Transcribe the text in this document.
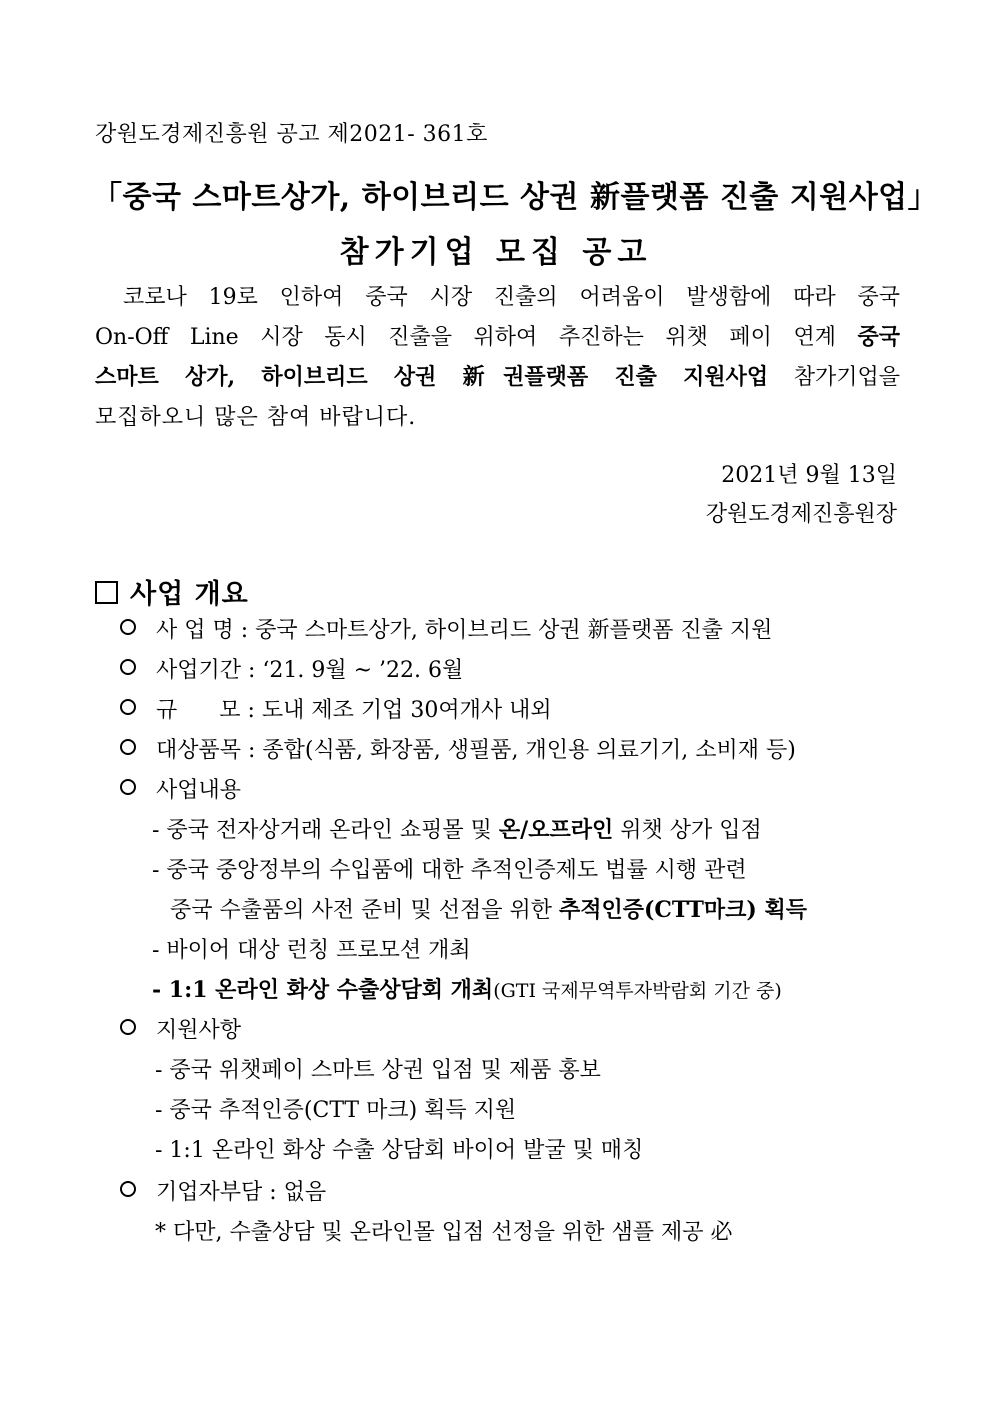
강원도경제진흥원 공고 제2021- 361호
「중국 스마트상가, 하이브리드 상권 新플랫폼 진출 지원사업」
참가기업 모집 공고
코로나 19로 인하여 중국 시장 진출의 어려움이 발생함에 따라 중국
On-Off Line 시장 동시 진출을 위하여 추진하는 위챗 페이 연계 중국
스마트 상가, 하이브리드 상권 新권플랫폼 진출 지원사업 참가기업을
모집하오니 많은 참여 바랍니다.
2021년 9월 13일
강원도경제진흥원장
사업 개요
사 업 명 : 중국 스마트상가, 하이브리드 상권 新플랫폼 진출 지원
사업기간 : ‘21. 9월 ~ ’22. 6월
규      모 : 도내 제조 기업 30여개사 내외
대상품목 : 종합(식품, 화장품, 생필품, 개인용 의료기기, 소비재 등)
사업내용
- 중국 전자상거래 온라인 쇼핑몰 및 온/오프라인 위챗 상가 입점
- 중국 중앙정부의 수입품에 대한 추적인증제도 법률 시행 관련
중국 수출품의 사전 준비 및 선점을 위한 추적인증(CTT마크) 획득
- 바이어 대상 런칭 프로모션 개최
- 1:1 온라인 화상 수출상담회 개최(GTI 국제무역투자박람회 기간 중)
지원사항
- 중국 위챗페이 스마트 상권 입점 및 제품 홍보
- 중국 추적인증(CTT 마크) 획득 지원
- 1:1 온라인 화상 수출 상담회 바이어 발굴 및 매칭
기업자부담 : 없음
* 다만, 수출상담 및 온라인몰 입점 선정을 위한 샘플 제공 必
